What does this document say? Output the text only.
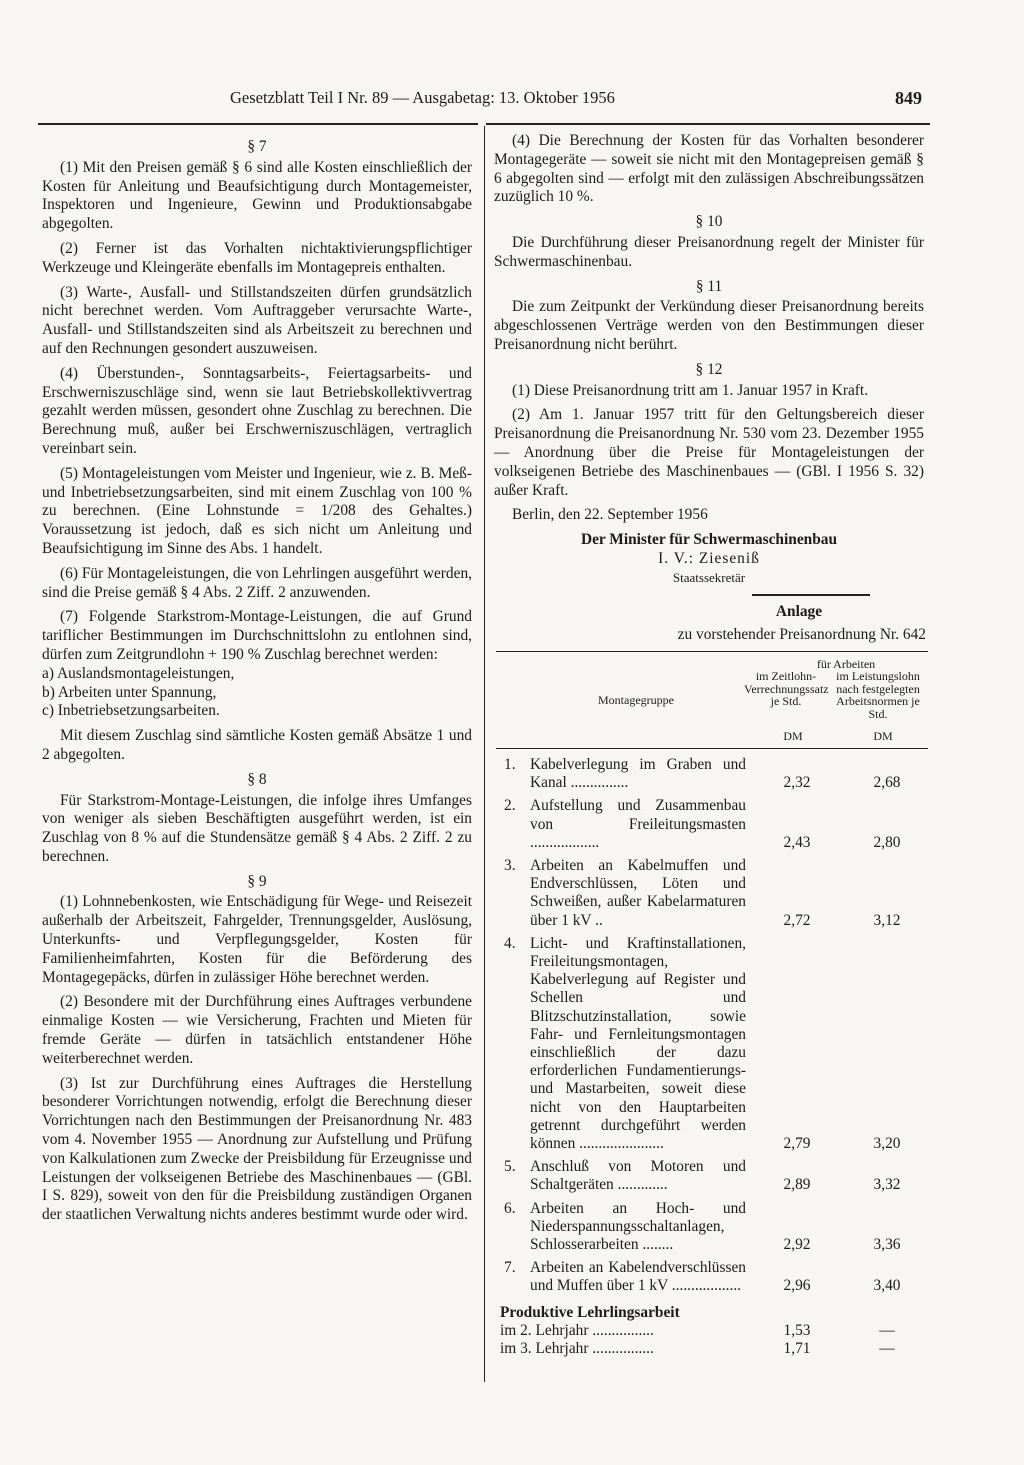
Gesetzblatt Teil I Nr. 89 — Ausgabetag: 13. Oktober 1956	849
§ 7

(1) Mit den Preisen gemäß § 6 sind alle Kosten einschließlich der Kosten für Anleitung und Beaufsichtigung durch Montagemeister, Inspektoren und Ingenieure, Gewinn und Produktionsabgabe abgegolten.

(2) Ferner ist das Vorhalten nichtaktivierungspflichtiger Werkzeuge und Kleingeräte ebenfalls im Montagepreis enthalten.

(3) Warte-, Ausfall- und Stillstandszeiten dürfen grundsätzlich nicht berechnet werden. Vom Auftraggeber verursachte Warte-, Ausfall- und Stillstandszeiten sind als Arbeitszeit zu berechnen und auf den Rechnungen gesondert auszuweisen.

(4) Überstunden-, Sonntagsarbeits-, Feiertagsarbeits- und Erschwerniszuschläge sind, wenn sie laut Betriebskollektivvertrag gezahlt werden müssen, gesondert ohne Zuschlag zu berechnen. Die Berechnung muß, außer bei Erschwerniszuschlägen, vertraglich vereinbart sein.

(5) Montageleistungen vom Meister und Ingenieur, wie z. B. Meß- und Inbetriebsetzungsarbeiten, sind mit einem Zuschlag von 100 % zu berechnen. (Eine Lohnstunde = 1/208 des Gehaltes.) Voraussetzung ist jedoch, daß es sich nicht um Anleitung und Beaufsichtigung im Sinne des Abs. 1 handelt.

(6) Für Montageleistungen, die von Lehrlingen ausgeführt werden, sind die Preise gemäß § 4 Abs. 2 Ziff. 2 anzuwenden.

(7) Folgende Starkstrom-Montage-Leistungen, die auf Grund tariflicher Bestimmungen im Durchschnittslohn zu entlohnen sind, dürfen zum Zeitgrundlohn + 190 % Zuschlag berechnet werden:

a) Auslandsmontageleistungen,
b) Arbeiten unter Spannung,
c) Inbetriebsetzungsarbeiten.

Mit diesem Zuschlag sind sämtliche Kosten gemäß Absätze 1 und 2 abgegolten.

§ 8

Für Starkstrom-Montage-Leistungen, die infolge ihres Umfanges von weniger als sieben Beschäftigten ausgeführt werden, ist ein Zuschlag von 8 % auf die Stundensätze gemäß § 4 Abs. 2 Ziff. 2 zu berechnen.

§ 9

(1) Lohnnebenkosten, wie Entschädigung für Wege- und Reisezeit außerhalb der Arbeitszeit, Fahrgelder, Trennungsgelder, Auslösung, Unterkunfts- und Verpflegungsgelder, Kosten für Familienheimfahrten, Kosten für die Beförderung des Montagegepäcks, dürfen in zulässiger Höhe berechnet werden.

(2) Besondere mit der Durchführung eines Auftrages verbundene einmalige Kosten — wie Versicherung, Frachten und Mieten für fremde Geräte — dürfen in tatsächlich entstandener Höhe weiterberechnet werden.

(3) Ist zur Durchführung eines Auftrages die Herstellung besonderer Vorrichtungen notwendig, erfolgt die Berechnung dieser Vorrichtungen nach den Bestimmungen der Preisanordnung Nr. 483 vom 4. November 1955 — Anordnung zur Aufstellung und Prüfung von Kalkulationen zum Zwecke der Preisbildung für Erzeugnisse und Leistungen der volkseigenen Betriebe des Maschinenbaues — (GBl. I S. 829), soweit von den für die Preisbildung zuständigen Organen der staatlichen Verwaltung nichts anderes bestimmt wurde oder wird.

(4) Die Berechnung der Kosten für das Vorhalten besonderer Montagegeräte — soweit sie nicht mit den Montagepreisen gemäß § 6 abgegolten sind — erfolgt mit den zulässigen Abschreibungssätzen zuzüglich 10 %.

§ 10

Die Durchführung dieser Preisanordnung regelt der Minister für Schwermaschinenbau.

§ 11

Die zum Zeitpunkt der Verkündung dieser Preisanordnung bereits abgeschlossenen Verträge werden von den Bestimmungen dieser Preisanordnung nicht berührt.

§ 12

(1) Diese Preisanordnung tritt am 1. Januar 1957 in Kraft.

(2) Am 1. Januar 1957 tritt für den Geltungsbereich dieser Preisanordnung die Preisanordnung Nr. 530 vom 23. Dezember 1955 — Anordnung über die Preise für Montageleistungen der volkseigenen Betriebe des Maschinenbaues — (GBl. I 1956 S. 32) außer Kraft.

Berlin, den 22. September 1956

Der Minister für Schwermaschinenbau
I. V.: Ziesenіß
Staatssekretär
Anlage
zu vorstehender Preisanordnung Nr. 642
für Arbeiten
im Zeitlohn-Verrechnungssatz je Std.
im Leistungslohn nach festgelegten Arbeitsnormen je Std.
Montagegruppe
DM	DM
1. Kabelverlegung im Graben und Kanal ...............	2,32	2,68
2. Aufstellung und Zusammenbau von Freileitungsmasten ..................	2,43	2,80
3. Arbeiten an Kabelmuffen und Endverschlüssen, Löten und Schweißen, außer Kabelarmaturen über 1 kV ..	2,72	3,12
4. Licht- und Kraftinstallationen, Freileitungsmontagen, Kabelverlegung auf Register und Schellen und Blitzschutzinstallation, sowie Fahr- und Fernleitungsmontagen einschließlich der dazu erforderlichen Fundamentierungs- und Mastarbeiten, soweit diese nicht von den Hauptarbeiten getrennt durchgeführt werden können ......................	2,79	3,20
5. Anschluß von Motoren und Schaltgeräten .............	2,89	3,32
6. Arbeiten an Hoch- und Niederspannungsschaltanlagen, Schlosserarbeiten ........	2,92	3,36
7. Arbeiten an Kabelendverschlüssen und Muffen über 1 kV ..................	2,96	3,40
Produktive Lehrlingsarbeit
im 2. Lehrjahr ................	1,53	—
im 3. Lehrjahr ................	1,71	—
